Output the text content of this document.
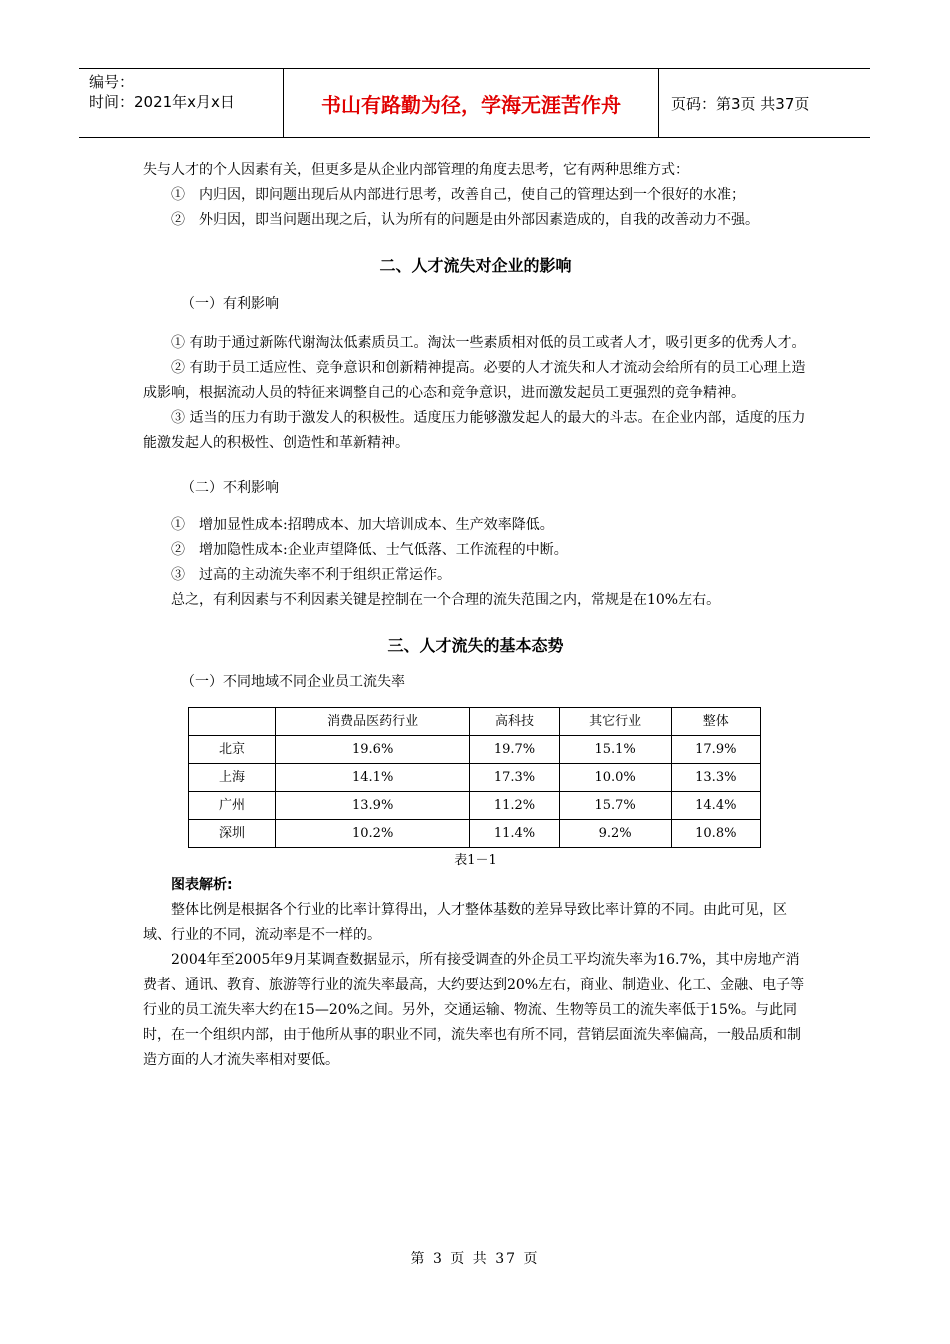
编号：
时间：2021年x月x日	书山有路勤为径，学海无涯苦作舟	页码：第3页 共37页

失与人才的个人因素有关，但更多是从企业内部管理的角度去思考，它有两种思维方式：

①　内归因，即问题出现后从内部进行思考，改善自己，使自己的管理达到一个很好的水准；

②　外归因，即当问题出现之后，认为所有的问题是由外部因素造成的，自我的改善动力不强。

二、人才流失对企业的影响

（一）有利影响

① 有助于通过新陈代谢淘汰低素质员工。淘汰一些素质相对低的员工或者人才，吸引更多的优秀人才。

② 有助于员工适应性、竞争意识和创新精神提高。必要的人才流失和人才流动会给所有的员工心理上造成影响，根据流动人员的特征来调整自己的心态和竞争意识，进而激发起员工更强烈的竞争精神。

③ 适当的压力有助于激发人的积极性。适度压力能够激发起人的最大的斗志。在企业内部，适度的压力能激发起人的积极性、创造性和革新精神。

（二）不利影响

①　增加显性成本:招聘成本、加大培训成本、生产效率降低。

②　增加隐性成本:企业声望降低、士气低落、工作流程的中断。

③　过高的主动流失率不利于组织正常运作。

总之，有利因素与不利因素关键是控制在一个合理的流失范围之内，常规是在10%左右。

三、人才流失的基本态势

（一）不同地域不同企业员工流失率

	消费品医药行业	高科技	其它行业	整体
北京	19.6%	19.7%	15.1%	17.9%
上海	14.1%	17.3%	10.0%	13.3%
广州	13.9%	11.2%	15.7%	14.4%
深圳	10.2%	11.4%	9.2%	10.8%

表1－1

图表解析:

整体比例是根据各个行业的比率计算得出，人才整体基数的差异导致比率计算的不同。由此可见，区域、行业的不同，流动率是不一样的。

2004年至2005年9月某调查数据显示，所有接受调查的外企员工平均流失率为16.7%，其中房地产消费者、通讯、教育、旅游等行业的流失率最高，大约要达到20%左右，商业、制造业、化工、金融、电子等行业的员工流失率大约在15—20%之间。另外，交通运输、物流、生物等员工的流失率低于15%。与此同时，在一个组织内部，由于他所从事的职业不同，流失率也有所不同，营销层面流失率偏高，一般品质和制造方面的人才流失率相对要低。

第 3 页 共 37 页
